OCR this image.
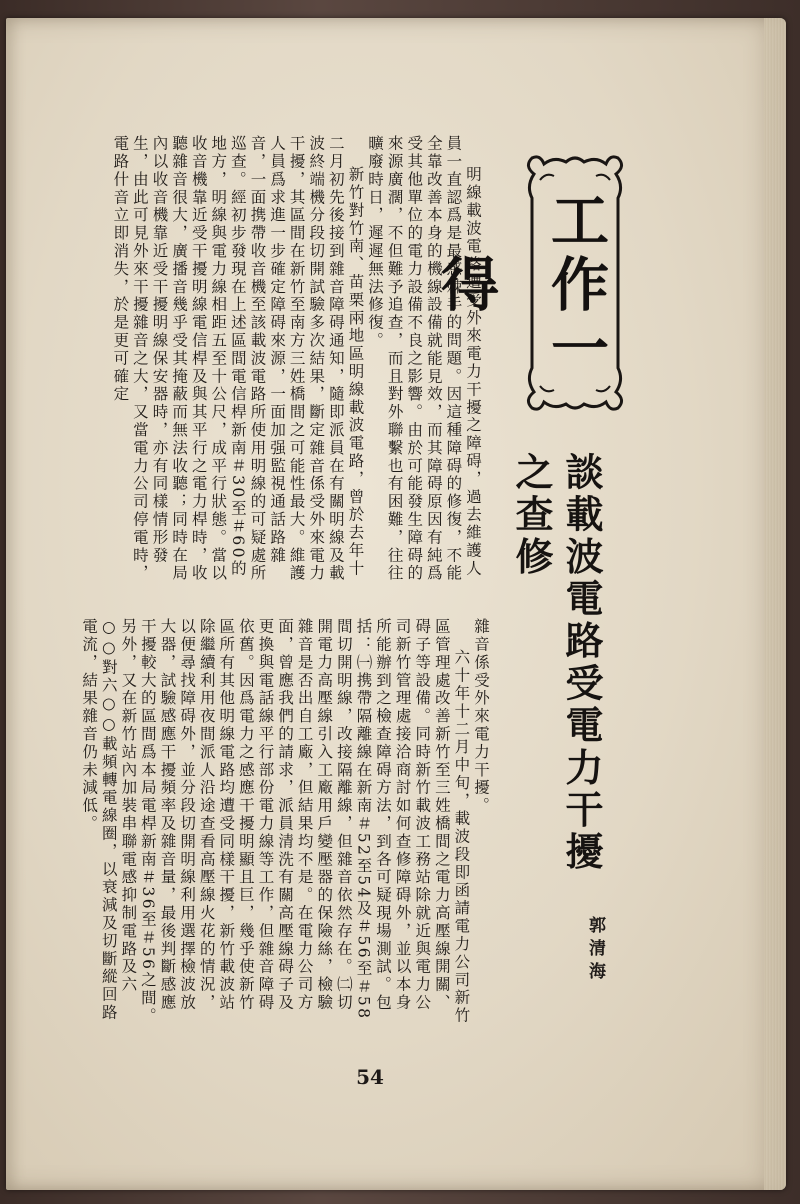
明線載波電路遭受外來電力干擾之障碍，過去維護人員一直認爲是最感棘手的問題。因這種障碍的修復，不能全靠改善本身的機線設備就能見效，而其障碍原因有純爲受其他單位的電力設備不良之影響。由於可能發生障碍的來源廣濶，不但難予追查，而且對外聯繫也有困難，往往曠廢時日，遲遲無法修復。

新竹對竹南、苗栗兩地區明線載波電路，曾於去年十二月初先後接到雜音障碍通知，隨即派員在有關明線及載波終端機分段切開試驗多次結果，斷定雜音係受外來電力干擾，其區間在新竹至南方三姓橋間之可能性最大。維護人員爲求進一步確定障碍來源，一面加强監視通話路雜音，一面携帶收音機至該載波電路所使用明線的可疑處所巡查。經初步發現在上述區間電信桿新南＃30至＃60的地方，明線與電力線相距五至十公尺，成平行狀態。當以收音機靠近受干擾明線電信桿及與其平行之電力桿時，收聽雜音很大，廣播音幾乎受其掩蔽而無法收聽；同時在局內以收音機靠近受干擾明線保安器時，亦有同樣情形發生，由此可見外來干擾雜音之大，又當電力公司停電時，電路什音立即消失，於是更可確定

雜音係受外來電力干擾。

六十年十二月中旬，載波段即函請電力公司新竹區管理處改善新竹至三姓橋間之電力高壓線開關、碍子等設備。同時新竹載波工務站除就近與電力公司新竹管理處接洽商討如何查修障碍外，並以本身所能辦到之檢查障碍方法，到各可疑現場測試。包括：㈠携帶隔離線在新南＃52至54及＃56至＃58間切開明線，改接隔離線，但雜音依然存在。㈡切開電力高壓線引入工廠用戶變壓器的保險絲，檢驗雜音是否出自工廠，但結果均不是。在電力公司方面，曾應我們的請求，派員清洗有關高壓線碍子及更換與電話線平行部份電力線等工作，但雜音障碍依舊。因爲電力之感應干擾明顯且巨，幾乎使新竹區所有其他明線電路均遭受同樣干擾，新竹載波站除繼續利用夜間派人沿途查看高壓線火花的情況，以便尋找障碍外，並分段切開明線利用選擇檢波放大器，試驗感應干擾頻率及雜音量，最後判斷感應干擾較大的區間爲本局電桿新南＃36至＃56之間。另外，又在新竹站內加裝串聯電感抑制電路及六○○對六○○載頻轉電線圈，以衰減及切斷縱回路電流，結果雜音仍未減低。

工作一得
談載波電路受電力干擾之查修
郭清海
54
